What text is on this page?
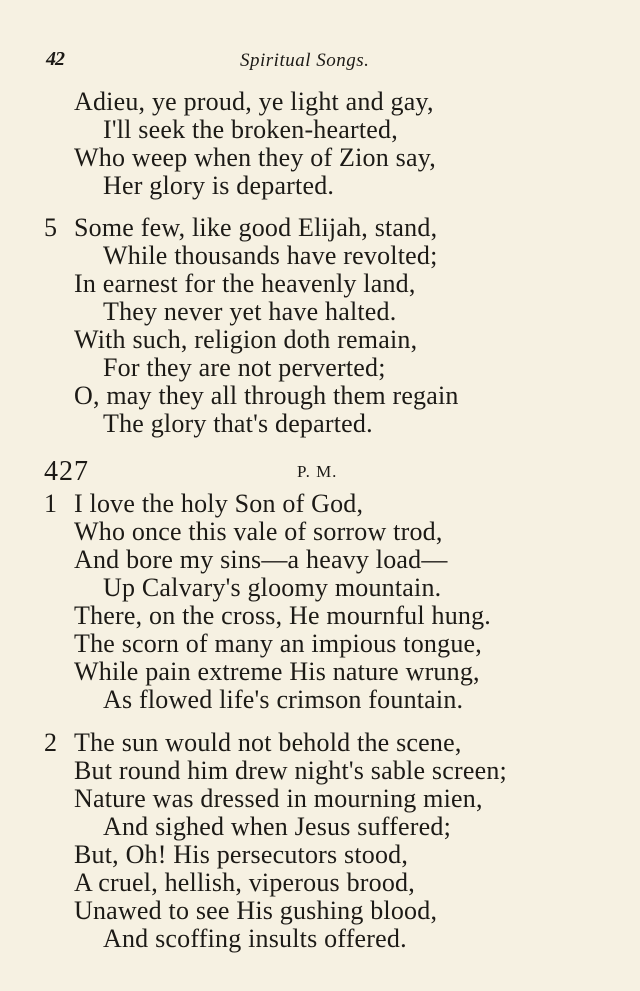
42	Spiritual Songs.
Adieu, ye proud, ye light and gay,
I'll seek the broken-hearted,
Who weep when they of Zion say,
Her glory is departed.
5 Some few, like good Elijah, stand,
While thousands have revolted;
In earnest for the heavenly land,
They never yet have halted.
With such, religion doth remain,
For they are not perverted;
O, may they all through them regain
The glory that's departed.
427	P. M.
1 I love the holy Son of God,
Who once this vale of sorrow trod,
And bore my sins—a heavy load—
Up Calvary's gloomy mountain.
There, on the cross, He mournful hung.
The scorn of many an impious tongue,
While pain extreme His nature wrung,
As flowed life's crimson fountain.
2 The sun would not behold the scene,
But round him drew night's sable screen;
Nature was dressed in mourning mien,
And sighed when Jesus suffered;
But, Oh! His persecutors stood,
A cruel, hellish, viperous brood,
Unawed to see His gushing blood,
And scoffing insults offered.
